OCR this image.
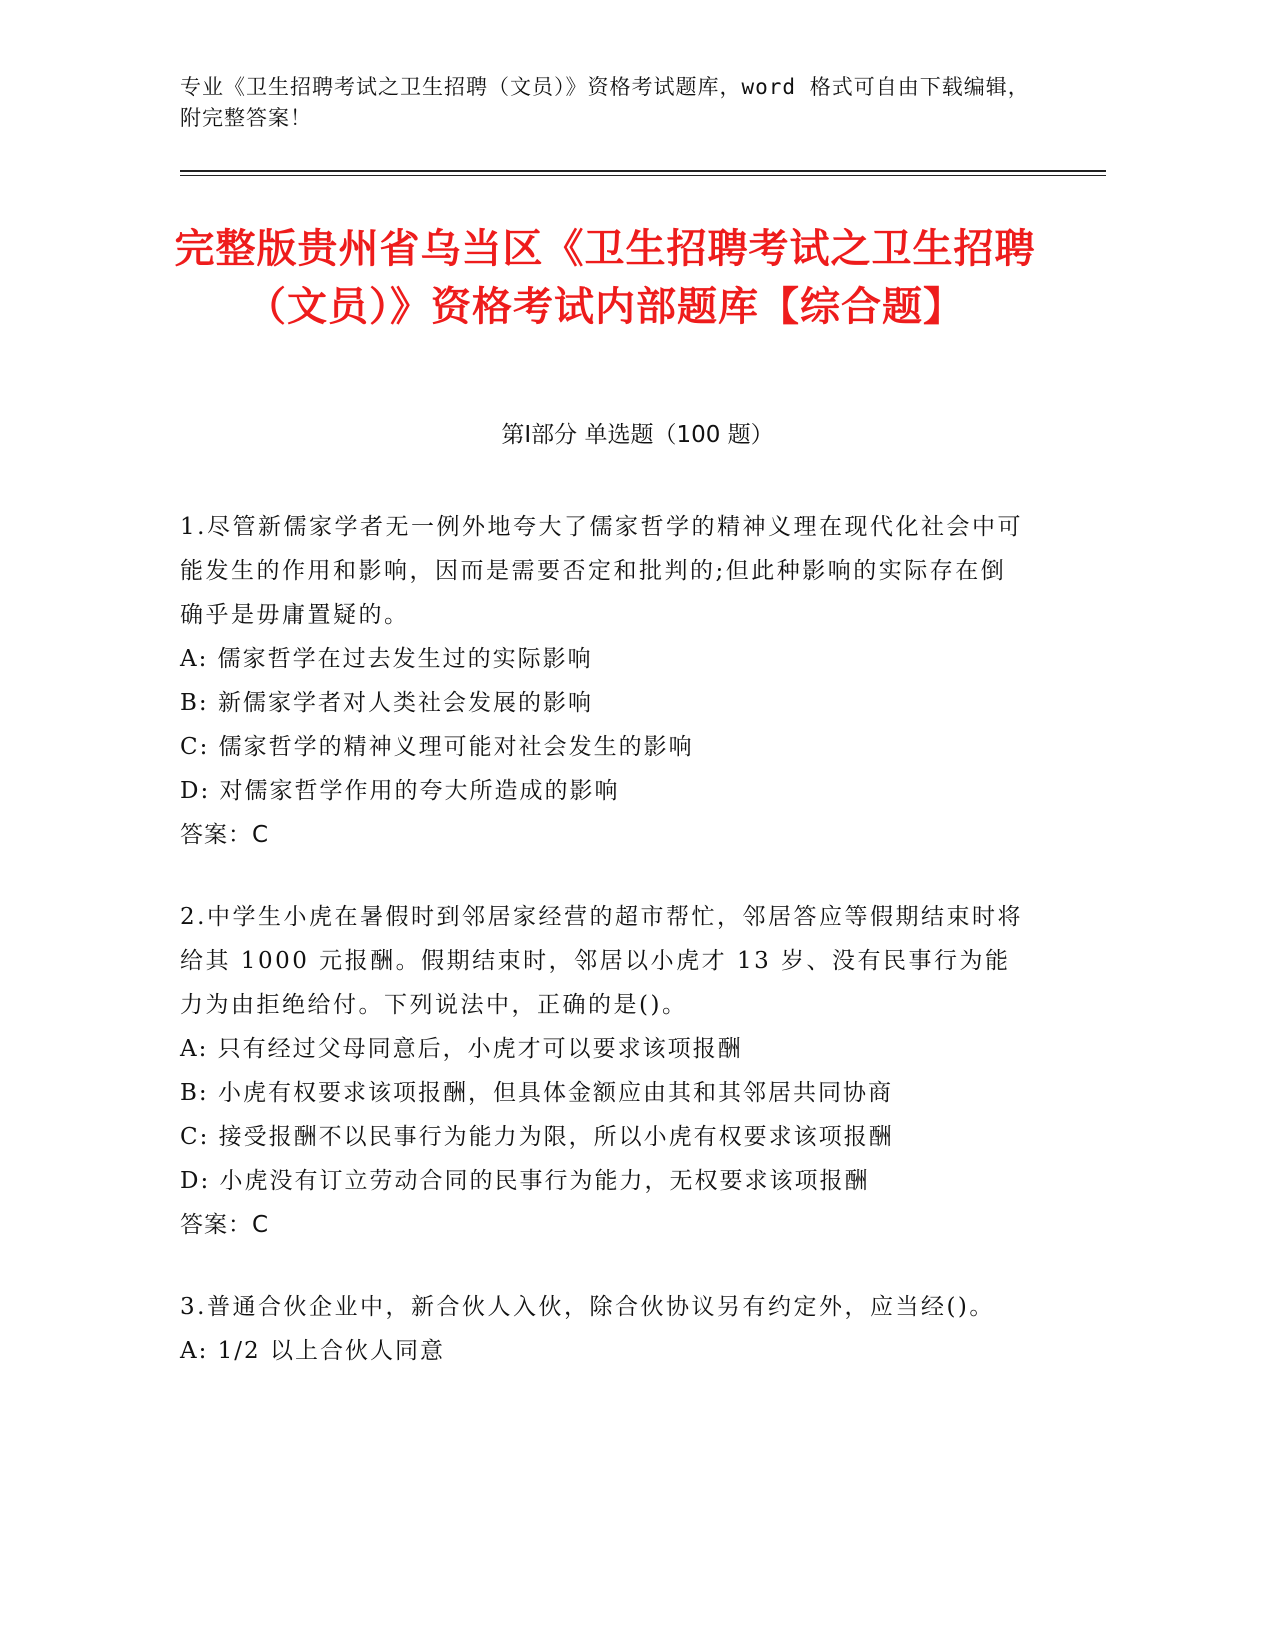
专业《卫生招聘考试之卫生招聘（文员）》资格考试题库，word 格式可自由下载编辑，附完整答案！
完整版贵州省乌当区《卫生招聘考试之卫生招聘（文员）》资格考试内部题库【综合题】
第Ⅰ部分 单选题（100 题）
1.尽管新儒家学者无一例外地夸大了儒家哲学的精神义理在现代化社会中可能发生的作用和影响，因而是需要否定和批判的;但此种影响的实际存在倒确乎是毋庸置疑的。
A: 儒家哲学在过去发生过的实际影响
B: 新儒家学者对人类社会发展的影响
C: 儒家哲学的精神义理可能对社会发生的影响
D: 对儒家哲学作用的夸大所造成的影响
答案：C
2.中学生小虎在暑假时到邻居家经营的超市帮忙，邻居答应等假期结束时将给其 1000 元报酬。假期结束时，邻居以小虎才 13 岁、没有民事行为能力为由拒绝给付。下列说法中，正确的是()。
A: 只有经过父母同意后，小虎才可以要求该项报酬
B: 小虎有权要求该项报酬，但具体金额应由其和其邻居共同协商
C: 接受报酬不以民事行为能力为限，所以小虎有权要求该项报酬
D: 小虎没有订立劳动合同的民事行为能力，无权要求该项报酬
答案：C
3.普通合伙企业中，新合伙人入伙，除合伙协议另有约定外，应当经()。
A: 1/2 以上合伙人同意
